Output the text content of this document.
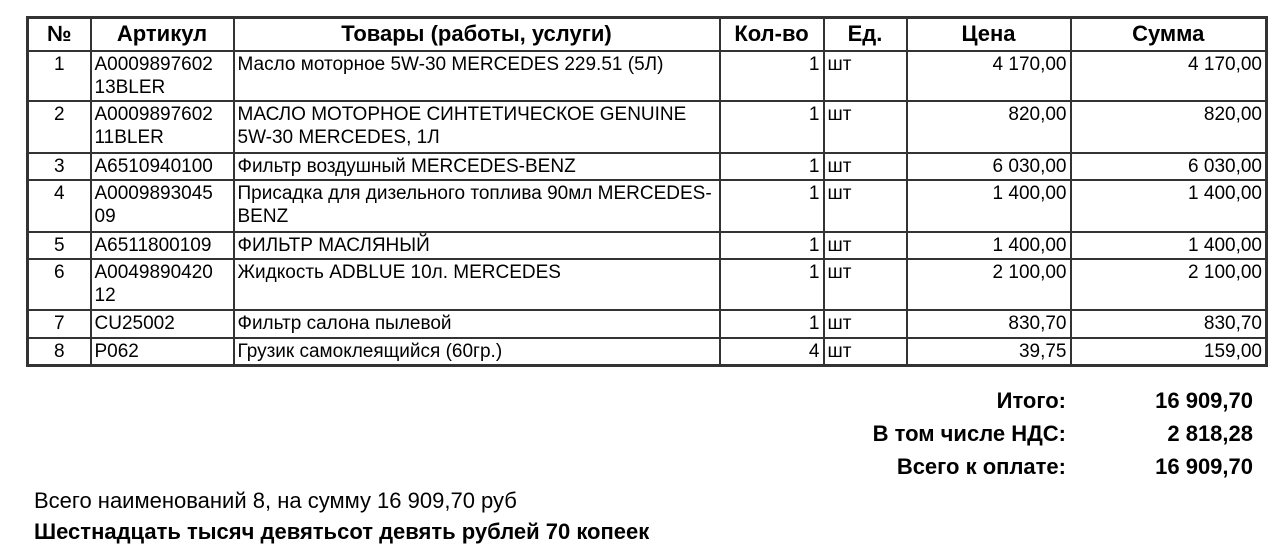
№	Артикул	Товары (работы, услуги)	Кол-во	Ед.	Цена	Сумма
1	A0009897602 13BLER	Масло моторное 5W-30 MERCEDES 229.51 (5Л)	1	шт	4 170,00	4 170,00
2	A0009897602 11BLER	МАСЛО МОТОРНОЕ СИНТЕТИЧЕСКОЕ GENUINE 5W-30 MERCEDES, 1Л	1	шт	820,00	820,00
3	A6510940100	Фильтр воздушный MERCEDES-BENZ	1	шт	6 030,00	6 030,00
4	A0009893045 09	Присадка для дизельного топлива 90мл MERCEDES-BENZ	1	шт	1 400,00	1 400,00
5	A6511800109	ФИЛЬТР МАСЛЯНЫЙ	1	шт	1 400,00	1 400,00
6	A0049890420 12	Жидкость ADBLUE 10л. MERCEDES	1	шт	2 100,00	2 100,00
7	CU25002	Фильтр салона пылевой	1	шт	830,70	830,70
8	P062	Грузик самоклеящийся (60гр.)	4	шт	39,75	159,00
Итого:	16 909,70
В том числе НДС:	2 818,28
Всего к оплате:	16 909,70
Всего наименований 8, на сумму 16 909,70 руб
Шестнадцать тысяч девятьсот девять рублей 70 копеек
